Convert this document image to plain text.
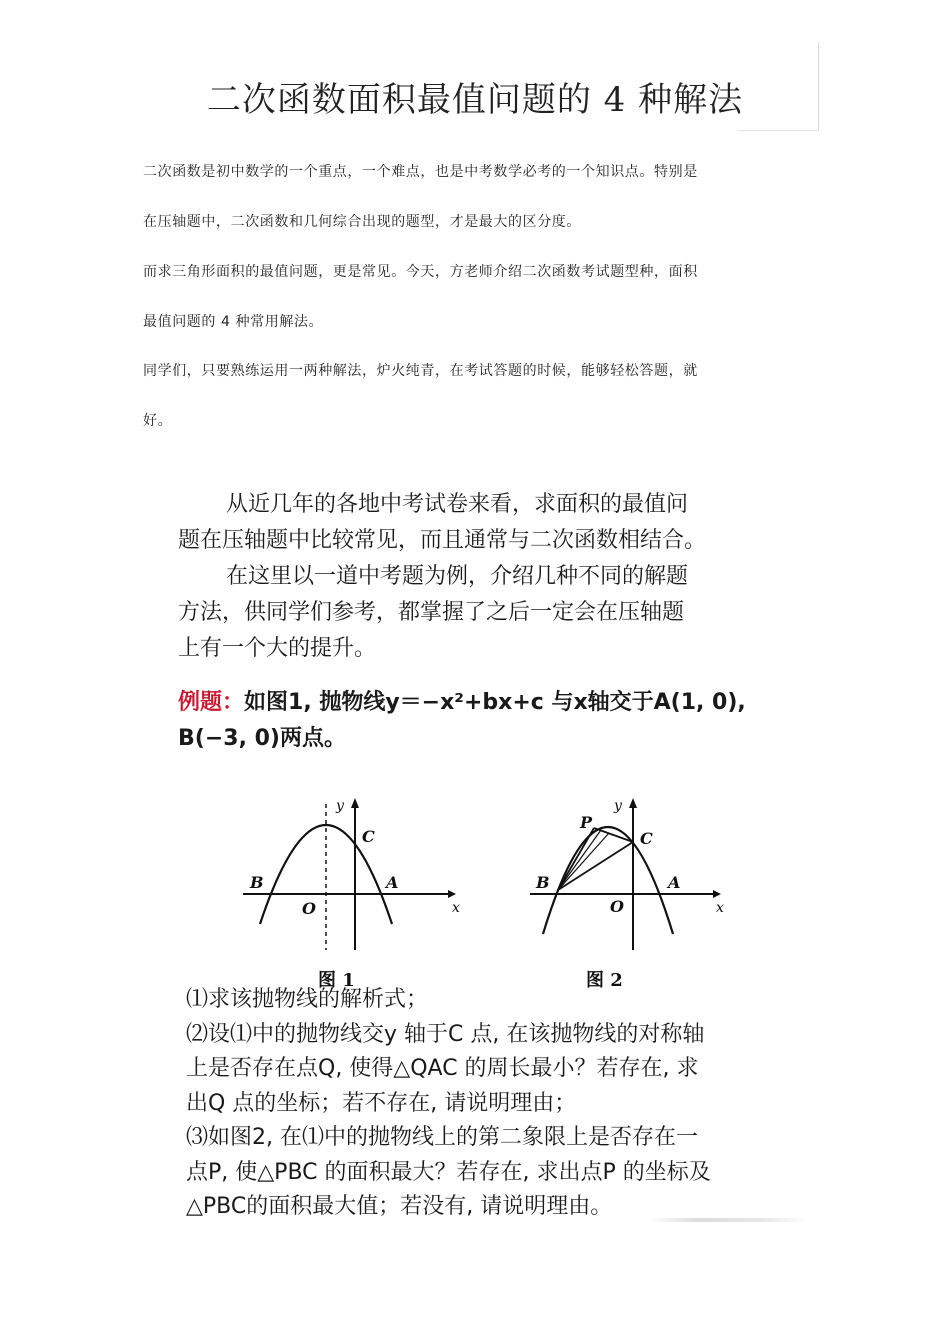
二次函数面积最值问题的 4 种解法
二次函数是初中数学的一个重点，一个难点，也是中考数学必考的一个知识点。特别是
在压轴题中，二次函数和几何综合出现的题型，才是最大的区分度。
而求三角形面积的最值问题，更是常见。今天，方老师介绍二次函数考试题型种，面积
最值问题的 4 种常用解法。
同学们，只要熟练运用一两种解法，炉火纯青，在考试答题的时候，能够轻松答题，就
好。

从近几年的各地中考试卷来看，求面积的最值问

题在压轴题中比较常见，而且通常与二次函数相结合。

在这里以一道中考题为例，介绍几种不同的解题

方法，供同学们参考，都掌握了之后一定会在压轴题

上有一个大的提升。

例题：如图1, 抛物线y＝−x²+bx+c 与x轴交于A(1, 0),

B(−3, 0)两点。

B	A
C
O
y
x
P
B	A
C
O
y
x
图 1	图 2

⑴求该抛物线的解析式；

⑵设⑴中的抛物线交y 轴于C 点, 在该抛物线的对称轴

上是否存在点Q, 使得△QAC 的周长最小？若存在, 求

出Q 点的坐标；若不存在, 请说明理由；

⑶如图2, 在⑴中的抛物线上的第二象限上是否存在一

点P, 使△PBC 的面积最大？若存在, 求出点P 的坐标及

△PBC的面积最大值；若没有, 请说明理由。
